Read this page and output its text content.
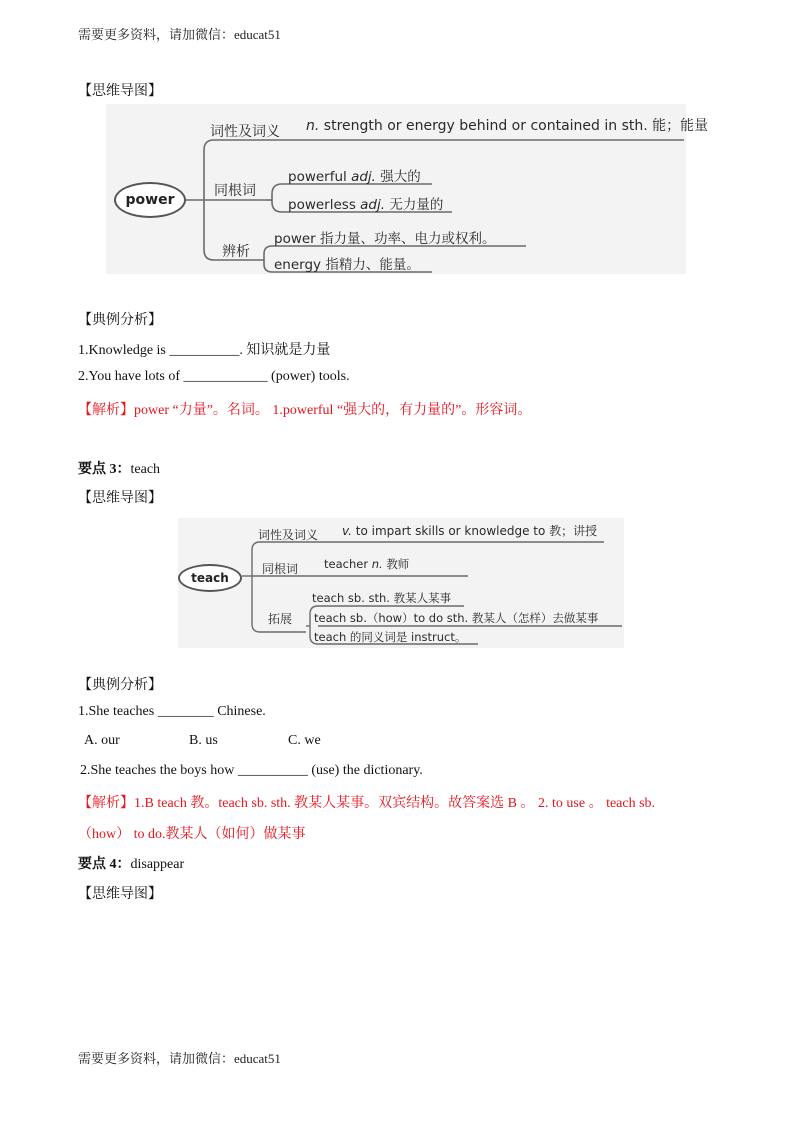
需要更多资料，请加微信：educat51
【思维导图】
power
词性及词义 n. strength or energy behind or contained in sth. 能；能量
同根词
powerful adj. 强大的
powerless adj. 无力量的
辨析
power 指力量、功率、电力或权利。
energy 指精力、能量。
【典例分析】
1.Knowledge is __________. 知识就是力量
2.You have lots of ____________ (power) tools.
【解析】power “力量”。名词。 1.powerful “强大的，有力量的”。形容词。
要点 3：teach
【思维导图】
teach
词性及词义 v. to impart skills or knowledge to 教；讲授
同根词 teacher n. 教师
拓展
teach sb. sth. 教某人某事
teach sb.（how）to do sth. 教某人（怎样）去做某事
teach 的同义词是 instruct。
【典例分析】
1.She teaches ________ Chinese.
A. our	B. us	C. we
2.She teaches the boys how __________ (use) the dictionary.
【解析】1.B teach 教。teach sb. sth. 教某人某事。双宾结构。故答案选 B 。 2. to use 。 teach sb.
（how） to do.教某人（如何）做某事
要点 4：disappear
【思维导图】
需要更多资料，请加微信：educat51
